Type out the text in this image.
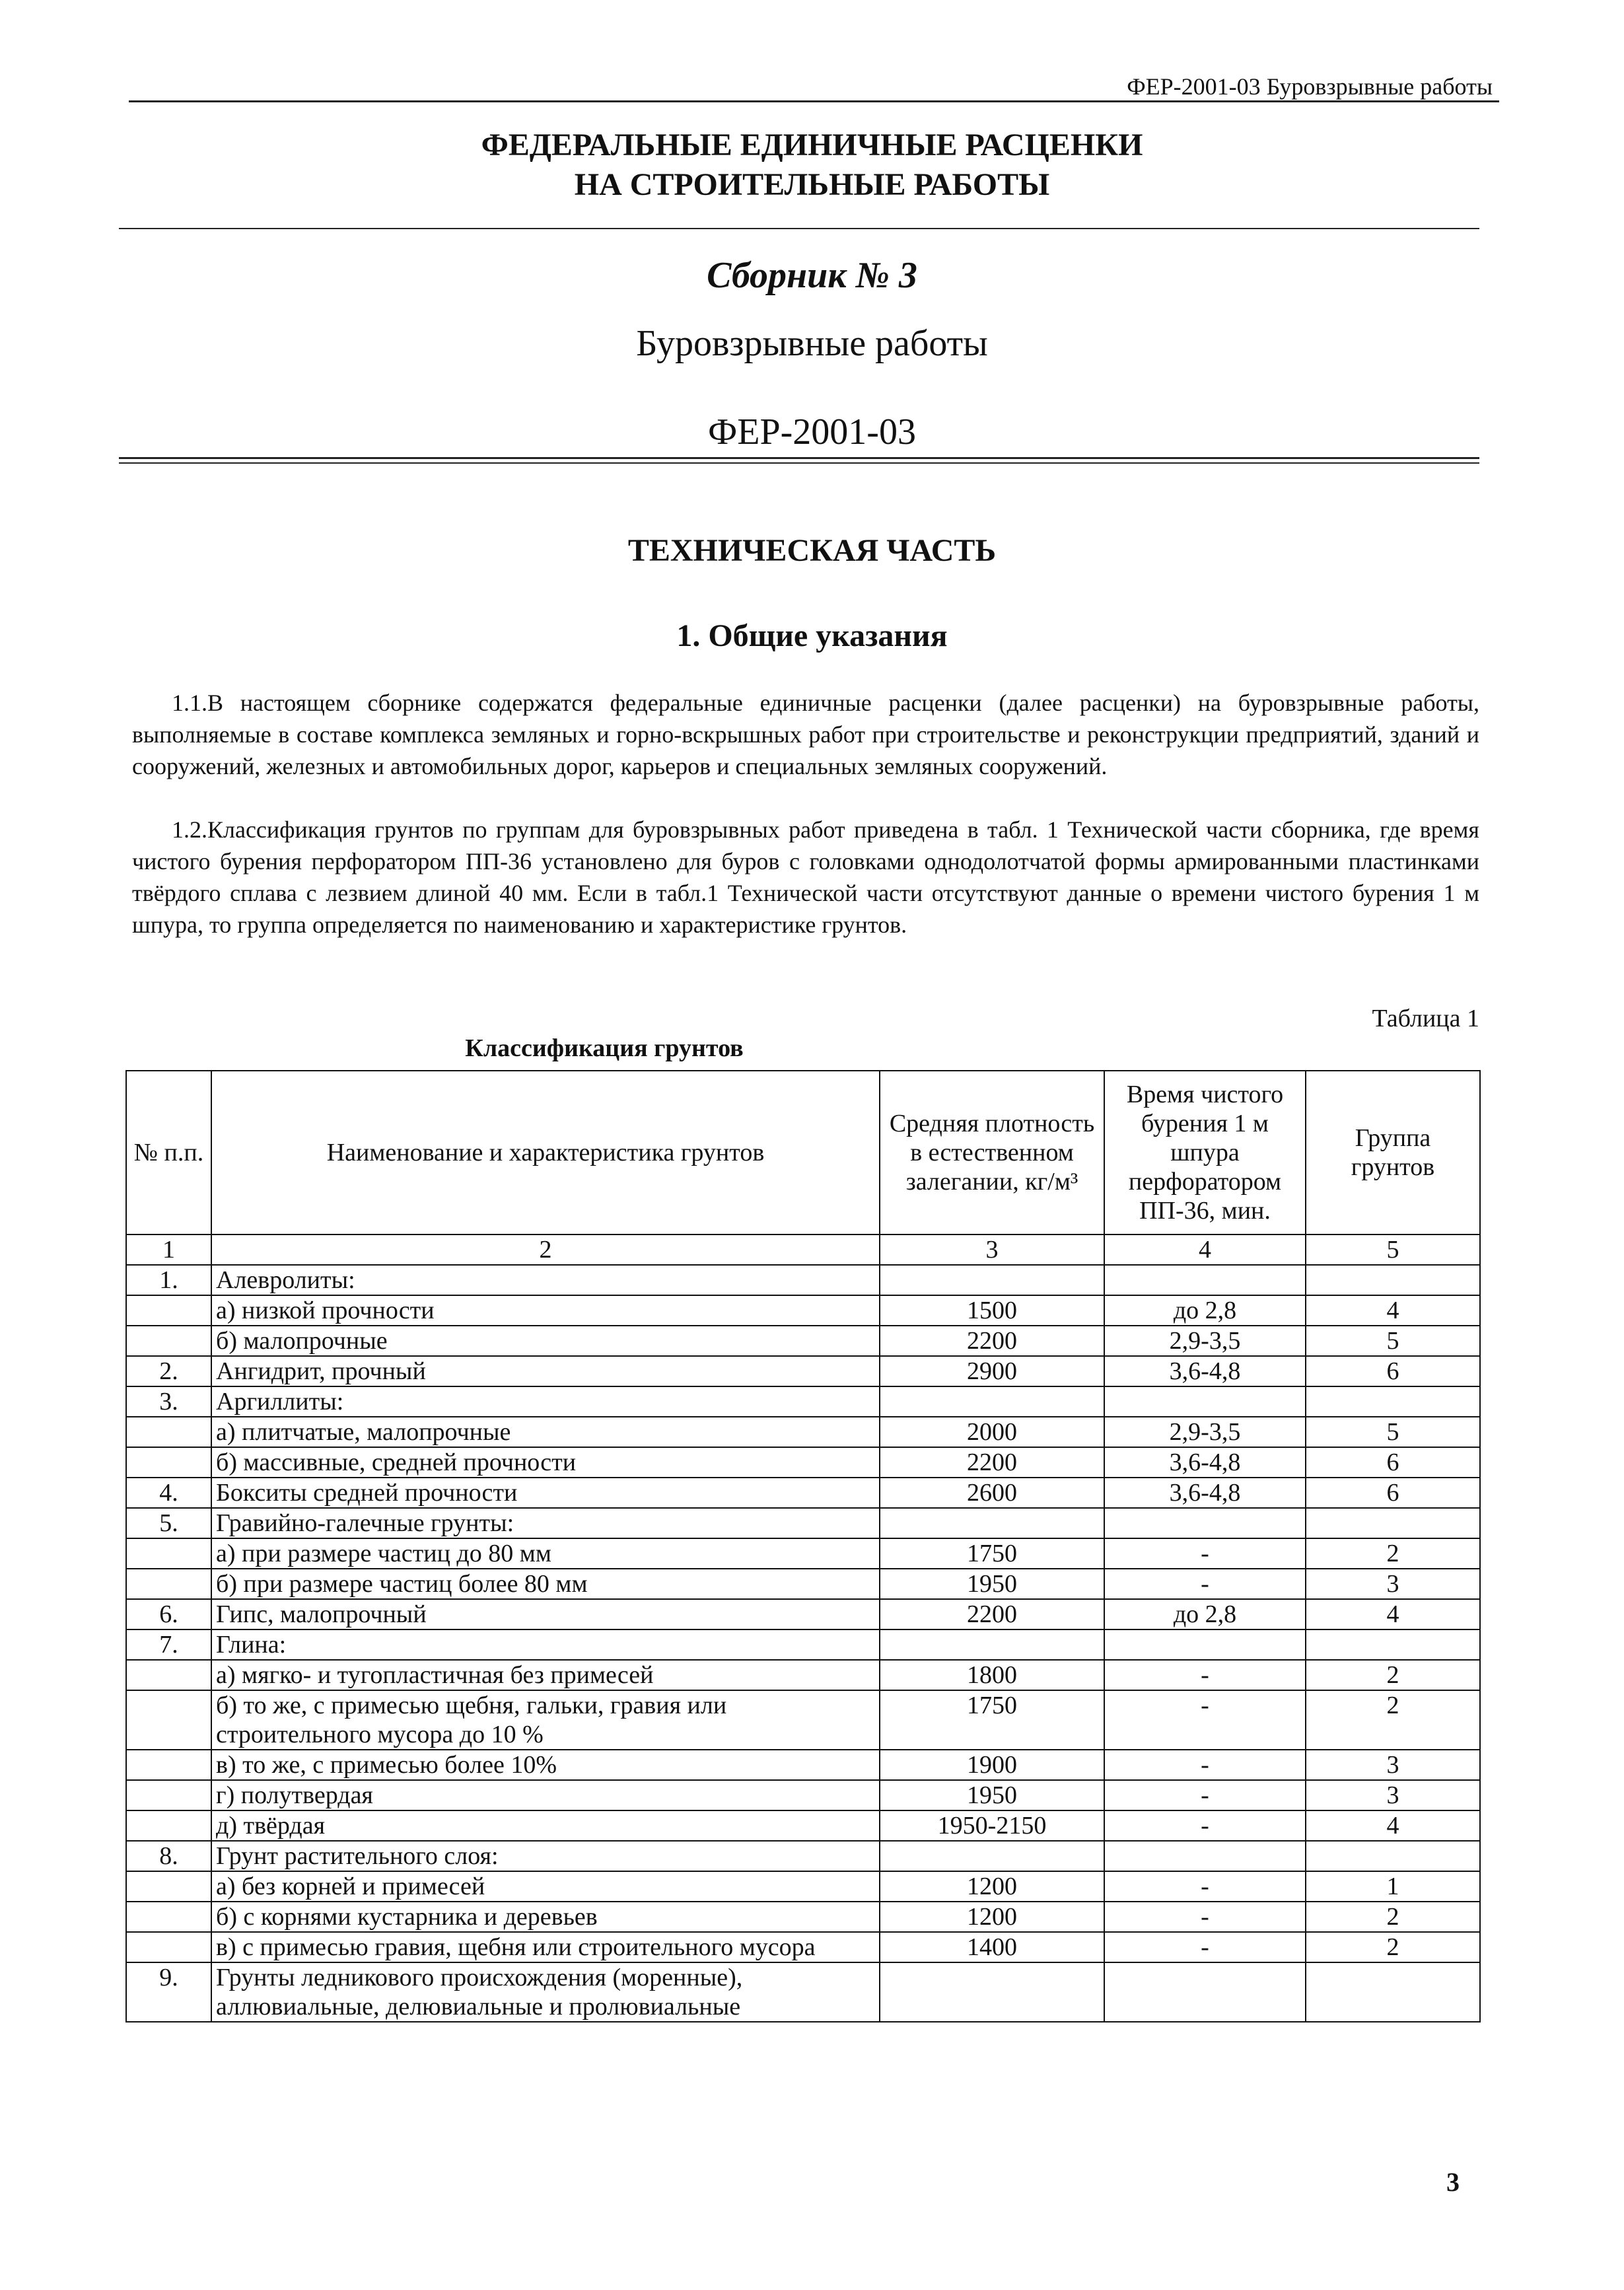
ФЕР-2001-03 Буровзрывные работы
ФЕДЕРАЛЬНЫЕ ЕДИНИЧНЫЕ РАСЦЕНКИ
НА СТРОИТЕЛЬНЫЕ РАБОТЫ
Сборник № 3
Буровзрывные работы
ФЕР-2001-03
ТЕХНИЧЕСКАЯ ЧАСТЬ
1. Общие указания

1.1.В настоящем сборнике содержатся федеральные единичные расценки (далее расценки) на буровзрывные работы, выполняемые в составе комплекса земляных и горно-вскрышных работ при строительстве и реконструкции предприятий, зданий и сооружений, железных и автомобильных дорог, карьеров и специальных земляных сооружений.

1.2.Классификация грунтов по группам для буровзрывных работ приведена в табл. 1 Технической части сборника, где время чистого бурения перфоратором ПП-36 установлено для буров с головками однодолотчатой формы армированными пластинками твёрдого сплава с лезвием длиной 40 мм. Если в табл.1 Технической части отсутствуют данные о времени чистого бурения 1 м шпура, то группа определяется по наименованию и характеристике грунтов.

Таблица 1
Классификация грунтов
№ п.п.	Наименование и характеристика грунтов	Средняя плотность в естественном залегании, кг/м³	Время чистого бурения 1 м шпура перфоратором ПП-36, мин.	Группа грунтов
1	2	3	4	5
1.	Алевролиты:			
	а) низкой прочности	1500	до 2,8	4
	б) малопрочные	2200	2,9-3,5	5
2.	Ангидрит, прочный	2900	3,6-4,8	6
3.	Аргиллиты:			
	а) плитчатые, малопрочные	2000	2,9-3,5	5
	б) массивные, средней прочности	2200	3,6-4,8	6
4.	Бокситы средней прочности	2600	3,6-4,8	6
5.	Гравийно-галечные грунты:			
	а) при размере частиц до 80 мм	1750	-	2
	б) при размере частиц более 80 мм	1950	-	3
6.	Гипс, малопрочный	2200	до 2,8	4
7.	Глина:			
	а) мягко- и тугопластичная без примесей	1800	-	2
	б) то же, с примесью щебня, гальки, гравия или строительного мусора до 10 %	1750	-	2
	в) то же, с примесью более 10%	1900	-	3
	г) полутвердая	1950	-	3
	д) твёрдая	1950-2150	-	4
8.	Грунт растительного слоя:			
	а) без корней и примесей	1200	-	1
	б) с корнями кустарника и деревьев	1200	-	2
	в) с примесью гравия, щебня или строительного мусора	1400	-	2
9.	Грунты ледникового происхождения (моренные), аллювиальные, делювиальные и пролювиальные			
3
